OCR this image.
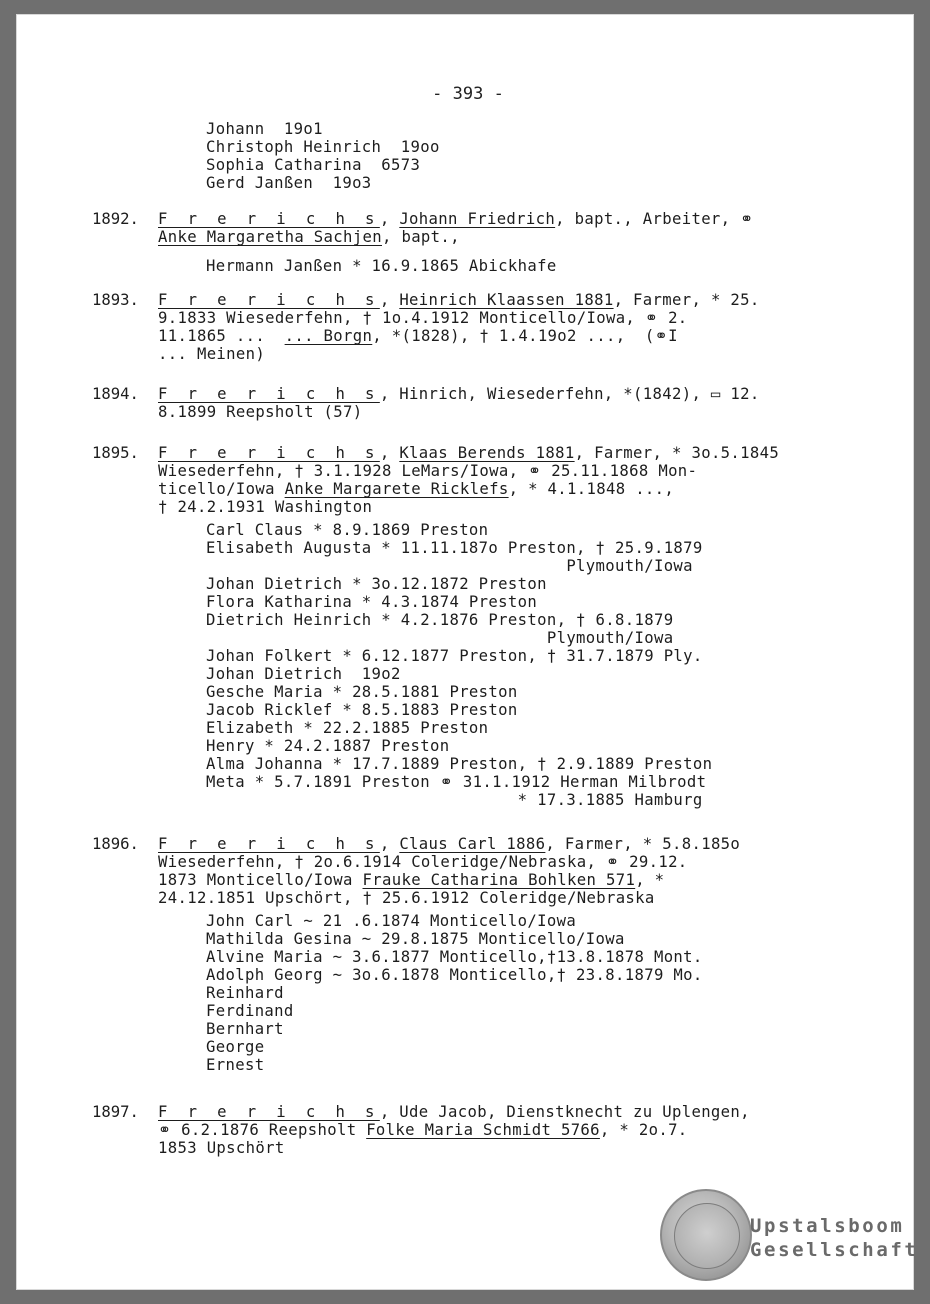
- 393 -
Johann  19o1
Christoph Heinrich  19oo
Sophia Catharina  6573
Gerd Janßen  19o3
1892. F r e r i c h s, Johann Friedrich, bapt., Arbeiter, ⚭
Anke Margaretha Sachjen, bapt.,
Hermann Janßen * 16.9.1865 Abickhafe
1893. F r e r i c h s, Heinrich Klaassen 1881, Farmer, * 25.
9.1833 Wiesederfehn, † 1o.4.1912 Monticello/Iowa, ⚭ 2.
11.1865 ...  ... Borgn, *(1828), † 1.4.19o2 ...,  (⚭I
... Meinen)
1894. F r e r i c h s, Hinrich, Wiesederfehn, *(1842), ▭ 12.
8.1899 Reepsholt (57)
1895. F r e r i c h s, Klaas Berends 1881, Farmer, * 3o.5.1845
Wiesederfehn, † 3.1.1928 LeMars/Iowa, ⚭ 25.11.1868 Mon-
ticello/Iowa Anke Margarete Ricklefs, * 4.1.1848 ...,
† 24.2.1931 Washington
Carl Claus * 8.9.1869 Preston
Elisabeth Augusta * 11.11.187o Preston, † 25.9.1879
Plymouth/Iowa
Johan Dietrich * 3o.12.1872 Preston
Flora Katharina * 4.3.1874 Preston
Dietrich Heinrich * 4.2.1876 Preston, † 6.8.1879
Plymouth/Iowa
Johan Folkert * 6.12.1877 Preston, † 31.7.1879 Ply.
Johan Dietrich  19o2
Gesche Maria * 28.5.1881 Preston
Jacob Ricklef * 8.5.1883 Preston
Elizabeth * 22.2.1885 Preston
Henry * 24.2.1887 Preston
Alma Johanna * 17.7.1889 Preston, † 2.9.1889 Preston
Meta * 5.7.1891 Preston ⚭ 31.1.1912 Herman Milbrodt
* 17.3.1885 Hamburg
1896. F r e r i c h s, Claus Carl 1886, Farmer, * 5.8.185o
Wiesederfehn, † 2o.6.1914 Coleridge/Nebraska, ⚭ 29.12.
1873 Monticello/Iowa Frauke Catharina Bohlken 571, *
24.12.1851 Upschört, † 25.6.1912 Coleridge/Nebraska
John Carl ~ 21 .6.1874 Monticello/Iowa
Mathilda Gesina ~ 29.8.1875 Monticello/Iowa
Alvine Maria ~ 3.6.1877 Monticello,†13.8.1878 Mont.
Adolph Georg ~ 3o.6.1878 Monticello,† 23.8.1879 Mo.
Reinhard
Ferdinand
Bernhart
George
Ernest
1897. F r e r i c h s, Ude Jacob, Dienstknecht zu Uplengen,
⚭ 6.2.1876 Reepsholt Folke Maria Schmidt 5766, * 2o.7.
1853 Upschört
Upstalsboom
Gesellschaft
